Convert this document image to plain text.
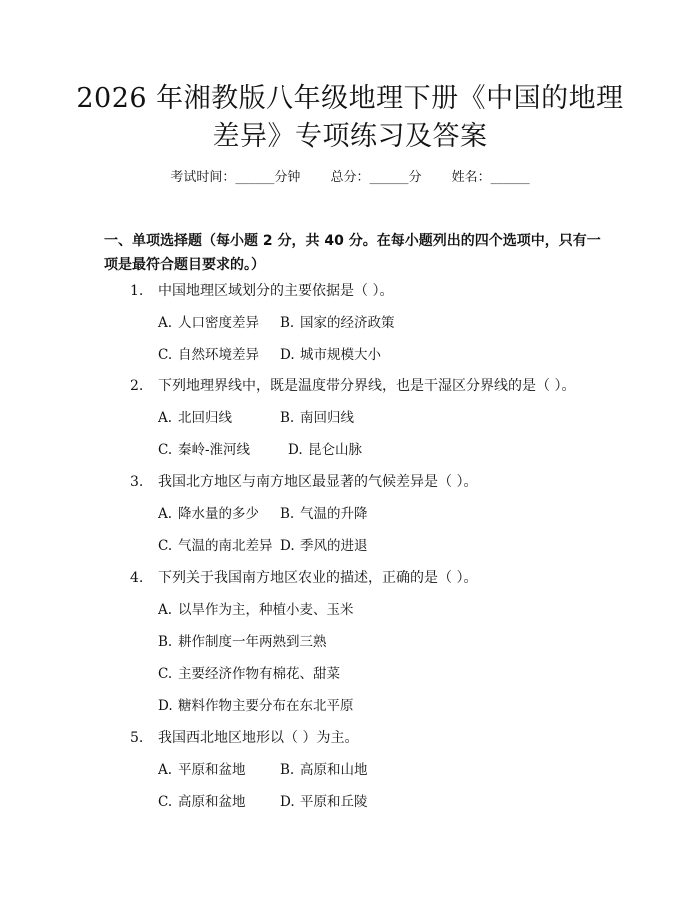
2026 年湘教版八年级地理下册《中国的地理
差异》专项练习及答案
考试时间：______分钟 总分：______分 姓名：______
一、单项选择题（每小题 2 分，共 40 分。在每小题列出的四个选项中，只有一项是最符合题目要求的。）
1. 中国地理区域划分的主要依据是（ ）。
A. 人口密度差异 B. 国家的经济政策
C. 自然环境差异 D. 城市规模大小
2. 下列地理界线中，既是温度带分界线，也是干湿区分界线的是（ ）。
A. 北回归线	B. 南回归线
C. 秦岭-淮河线	D. 昆仑山脉
3. 我国北方地区与南方地区最显著的气候差异是（ ）。
A. 降水量的多少 B. 气温的升降
C. 气温的南北差异 D. 季风的进退
4. 下列关于我国南方地区农业的描述，正确的是（ ）。
A. 以旱作为主，种植小麦、玉米
B. 耕作制度一年两熟到三熟
C. 主要经济作物有棉花、甜菜
D. 糖料作物主要分布在东北平原
5. 我国西北地区地形以（ ）为主。
A. 平原和盆地	B. 高原和山地
C. 高原和盆地	D. 平原和丘陵
